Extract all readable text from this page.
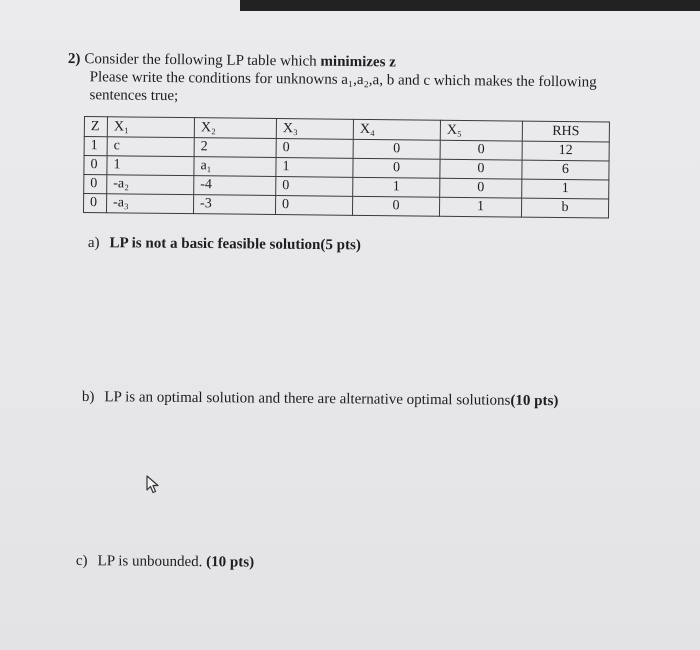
2) Consider the following LP table which minimizes z
Please write the conditions for unknowns a₁,a₂,a, b and c which makes the following
sentences true;
Z	X₁	X₂	X₃	X₄	X₅	RHS
1	c	2	0	0	0	12
0	1	a₁	1	0	0	6
0	-a₂	-4	0	1	0	1
0	-a₃	-3	0	0	1	b
a) LP is not a basic feasible solution(5 pts)
b) LP is an optimal solution and there are alternative optimal solutions(10 pts)
c) LP is unbounded. (10 pts)
